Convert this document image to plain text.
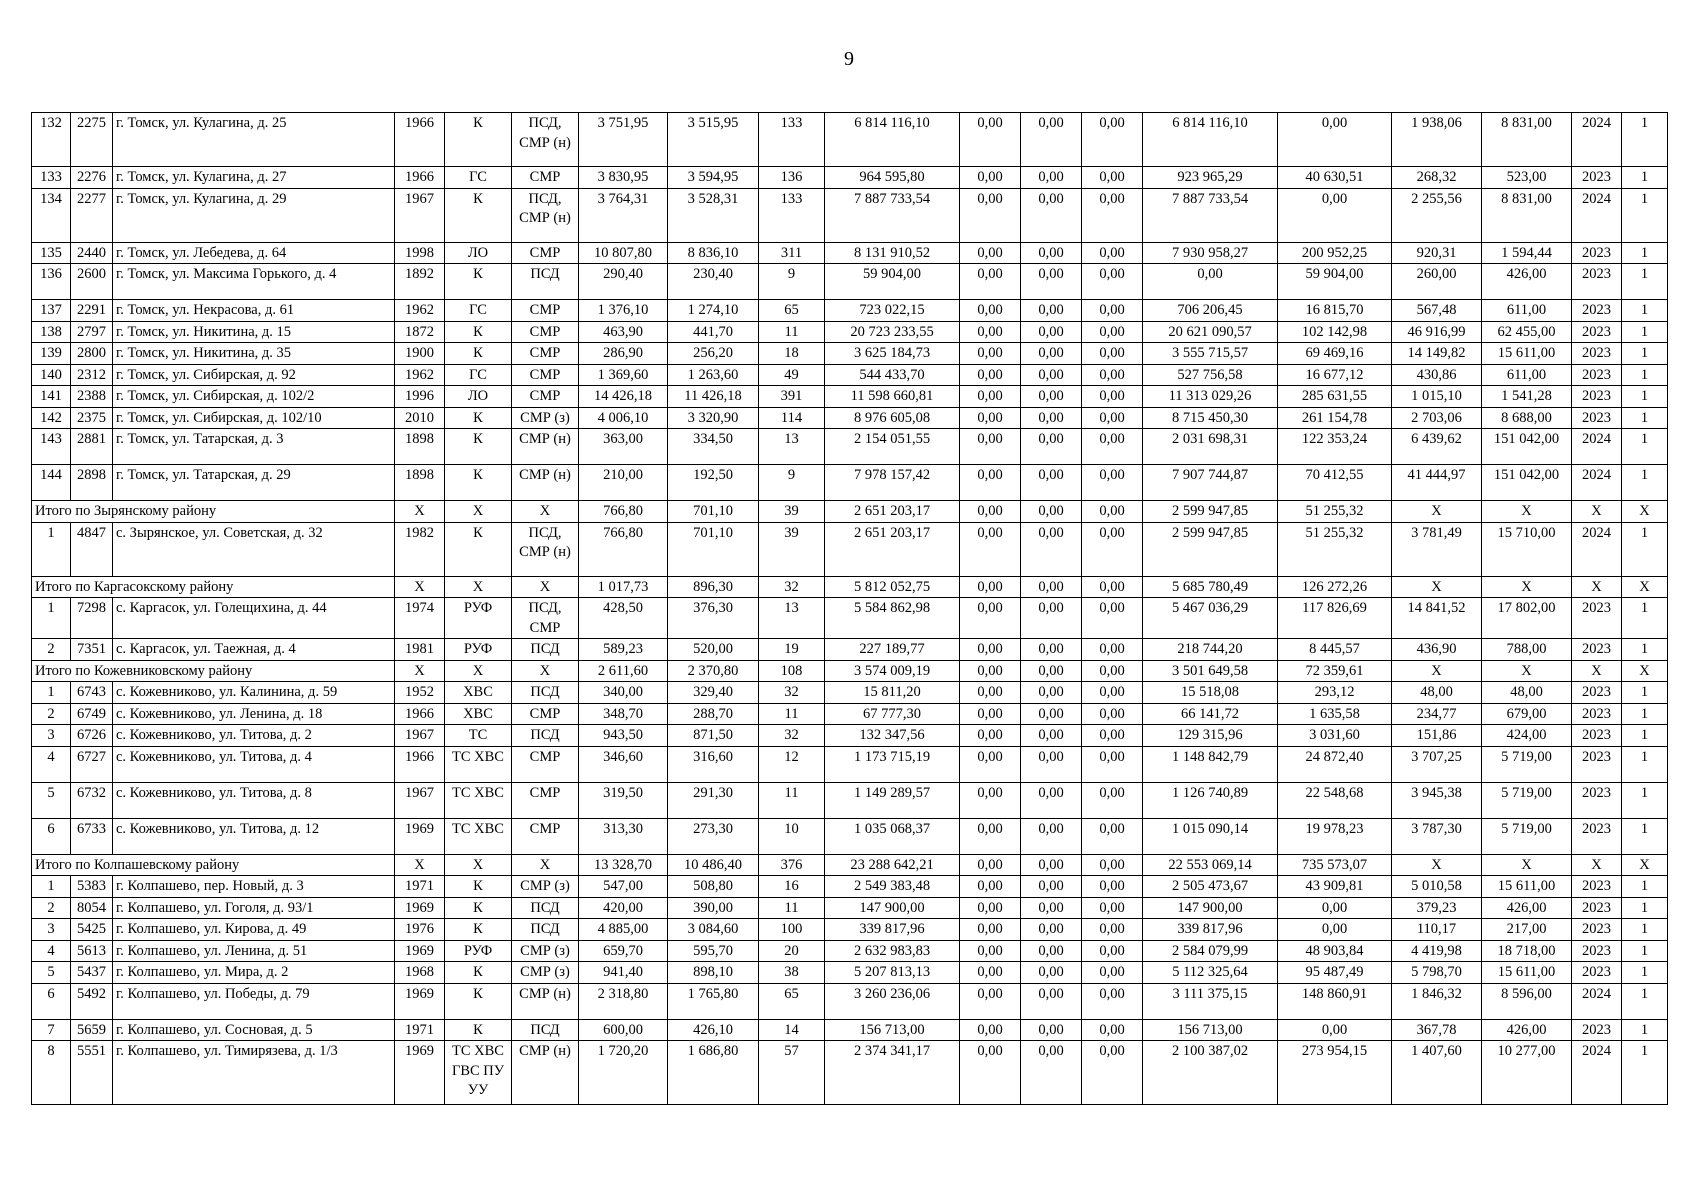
9
132	2275	г. Томск, ул. Кулагина, д. 25	1966	К	ПСД, СМР (н)	3 751,95	3 515,95	133	6 814 116,10	0,00	0,00	0,00	6 814 116,10	0,00	1 938,06	8 831,00	2024	1
133	2276	г. Томск, ул. Кулагина, д. 27	1966	ГС	СМР	3 830,95	3 594,95	136	964 595,80	0,00	0,00	0,00	923 965,29	40 630,51	268,32	523,00	2023	1
134	2277	г. Томск, ул. Кулагина, д. 29	1967	К	ПСД, СМР (н)	3 764,31	3 528,31	133	7 887 733,54	0,00	0,00	0,00	7 887 733,54	0,00	2 255,56	8 831,00	2024	1
135	2440	г. Томск, ул. Лебедева, д. 64	1998	ЛО	СМР	10 807,80	8 836,10	311	8 131 910,52	0,00	0,00	0,00	7 930 958,27	200 952,25	920,31	1 594,44	2023	1
136	2600	г. Томск, ул. Максима Горького, д. 4	1892	К	ПСД	290,40	230,40	9	59 904,00	0,00	0,00	0,00	0,00	59 904,00	260,00	426,00	2023	1
137	2291	г. Томск, ул. Некрасова, д. 61	1962	ГС	СМР	1 376,10	1 274,10	65	723 022,15	0,00	0,00	0,00	706 206,45	16 815,70	567,48	611,00	2023	1
138	2797	г. Томск, ул. Никитина, д. 15	1872	К	СМР	463,90	441,70	11	20 723 233,55	0,00	0,00	0,00	20 621 090,57	102 142,98	46 916,99	62 455,00	2023	1
139	2800	г. Томск, ул. Никитина, д. 35	1900	К	СМР	286,90	256,20	18	3 625 184,73	0,00	0,00	0,00	3 555 715,57	69 469,16	14 149,82	15 611,00	2023	1
140	2312	г. Томск, ул. Сибирская, д. 92	1962	ГС	СМР	1 369,60	1 263,60	49	544 433,70	0,00	0,00	0,00	527 756,58	16 677,12	430,86	611,00	2023	1
141	2388	г. Томск, ул. Сибирская, д. 102/2	1996	ЛО	СМР	14 426,18	11 426,18	391	11 598 660,81	0,00	0,00	0,00	11 313 029,26	285 631,55	1 015,10	1 541,28	2023	1
142	2375	г. Томск, ул. Сибирская, д. 102/10	2010	К	СМР (з)	4 006,10	3 320,90	114	8 976 605,08	0,00	0,00	0,00	8 715 450,30	261 154,78	2 703,06	8 688,00	2023	1
143	2881	г. Томск, ул. Татарская, д. 3	1898	К	СМР (н)	363,00	334,50	13	2 154 051,55	0,00	0,00	0,00	2 031 698,31	122 353,24	6 439,62	151 042,00	2024	1
144	2898	г. Томск, ул. Татарская, д. 29	1898	К	СМР (н)	210,00	192,50	9	7 978 157,42	0,00	0,00	0,00	7 907 744,87	70 412,55	41 444,97	151 042,00	2024	1
Итого по Зырянскому району			X	X	X	766,80	701,10	39	2 651 203,17	0,00	0,00	0,00	2 599 947,85	51 255,32	X	X	X	X
1	4847	с. Зырянское, ул. Советская, д. 32	1982	К	ПСД, СМР (н)	766,80	701,10	39	2 651 203,17	0,00	0,00	0,00	2 599 947,85	51 255,32	3 781,49	15 710,00	2024	1
Итого по Каргасокскому району			X	X	X	1 017,73	896,30	32	5 812 052,75	0,00	0,00	0,00	5 685 780,49	126 272,26	X	X	X	X
1	7298	с. Каргасок, ул. Голещихина, д. 44	1974	РУФ	ПСД, СМР	428,50	376,30	13	5 584 862,98	0,00	0,00	0,00	5 467 036,29	117 826,69	14 841,52	17 802,00	2023	1
2	7351	с. Каргасок, ул. Таежная, д. 4	1981	РУФ	ПСД	589,23	520,00	19	227 189,77	0,00	0,00	0,00	218 744,20	8 445,57	436,90	788,00	2023	1
Итого по Кожевниковскому району			X	X	X	2 611,60	2 370,80	108	3 574 009,19	0,00	0,00	0,00	3 501 649,58	72 359,61	X	X	X	X
1	6743	с. Кожевниково, ул. Калинина, д. 59	1952	ХВС	ПСД	340,00	329,40	32	15 811,20	0,00	0,00	0,00	15 518,08	293,12	48,00	48,00	2023	1
2	6749	с. Кожевниково, ул. Ленина, д. 18	1966	ХВС	СМР	348,70	288,70	11	67 777,30	0,00	0,00	0,00	66 141,72	1 635,58	234,77	679,00	2023	1
3	6726	с. Кожевниково, ул. Титова, д. 2	1967	ТС	ПСД	943,50	871,50	32	132 347,56	0,00	0,00	0,00	129 315,96	3 031,60	151,86	424,00	2023	1
4	6727	с. Кожевниково, ул. Титова, д. 4	1966	ТС ХВС	СМР	346,60	316,60	12	1 173 715,19	0,00	0,00	0,00	1 148 842,79	24 872,40	3 707,25	5 719,00	2023	1
5	6732	с. Кожевниково, ул. Титова, д. 8	1967	ТС ХВС	СМР	319,50	291,30	11	1 149 289,57	0,00	0,00	0,00	1 126 740,89	22 548,68	3 945,38	5 719,00	2023	1
6	6733	с. Кожевниково, ул. Титова, д. 12	1969	ТС ХВС	СМР	313,30	273,30	10	1 035 068,37	0,00	0,00	0,00	1 015 090,14	19 978,23	3 787,30	5 719,00	2023	1
Итого по Колпашевскому району			X	X	X	13 328,70	10 486,40	376	23 288 642,21	0,00	0,00	0,00	22 553 069,14	735 573,07	X	X	X	X
1	5383	г. Колпашево, пер. Новый, д. 3	1971	К	СМР (з)	547,00	508,80	16	2 549 383,48	0,00	0,00	0,00	2 505 473,67	43 909,81	5 010,58	15 611,00	2023	1
2	8054	г. Колпашево, ул. Гоголя, д. 93/1	1969	К	ПСД	420,00	390,00	11	147 900,00	0,00	0,00	0,00	147 900,00	0,00	379,23	426,00	2023	1
3	5425	г. Колпашево, ул. Кирова, д. 49	1976	К	ПСД	4 885,00	3 084,60	100	339 817,96	0,00	0,00	0,00	339 817,96	0,00	110,17	217,00	2023	1
4	5613	г. Колпашево, ул. Ленина, д. 51	1969	РУФ	СМР (з)	659,70	595,70	20	2 632 983,83	0,00	0,00	0,00	2 584 079,99	48 903,84	4 419,98	18 718,00	2023	1
5	5437	г. Колпашево, ул. Мира, д. 2	1968	К	СМР (з)	941,40	898,10	38	5 207 813,13	0,00	0,00	0,00	5 112 325,64	95 487,49	5 798,70	15 611,00	2023	1
6	5492	г. Колпашево, ул. Победы, д. 79	1969	К	СМР (н)	2 318,80	1 765,80	65	3 260 236,06	0,00	0,00	0,00	3 111 375,15	148 860,91	1 846,32	8 596,00	2024	1
7	5659	г. Колпашево, ул. Сосновая, д. 5	1971	К	ПСД	600,00	426,10	14	156 713,00	0,00	0,00	0,00	156 713,00	0,00	367,78	426,00	2023	1
8	5551	г. Колпашево, ул. Тимирязева, д. 1/3	1969	ТС ХВС ГВС ПУ УУ	СМР (н)	1 720,20	1 686,80	57	2 374 341,17	0,00	0,00	0,00	2 100 387,02	273 954,15	1 407,60	10 277,00	2024	1
